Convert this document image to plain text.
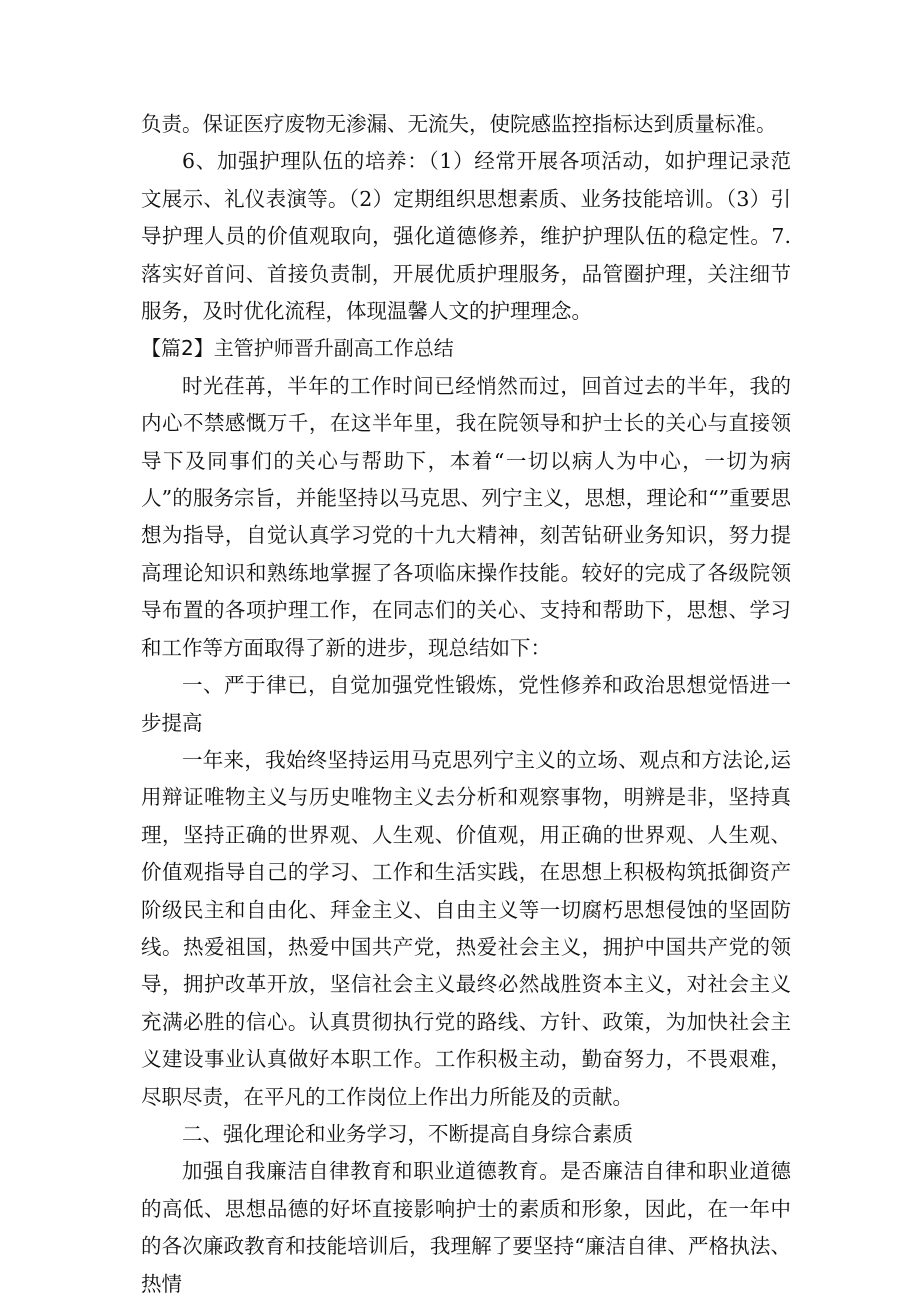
负责。保证医疗废物无渗漏、无流失，使院感监控指标达到质量标准。

6、加强护理队伍的培养：（1）经常开展各项活动，如护理记录范文展示、礼仪表演等。（2）定期组织思想素质、业务技能培训。（3）引导护理人员的价值观取向，强化道德修养，维护护理队伍的稳定性。7.落实好首问、首接负责制，开展优质护理服务，品管圈护理，关注细节服务，及时优化流程，体现温馨人文的护理理念。

【篇2】主管护师晋升副高工作总结

时光荏苒，半年的工作时间已经悄然而过，回首过去的半年，我的内心不禁感慨万千，在这半年里，我在院领导和护士长的关心与直接领导下及同事们的关心与帮助下，本着“一切以病人为中心，一切为病人”的服务宗旨，并能坚持以马克思、列宁主义，思想，理论和“”重要思想为指导，自觉认真学习党的十九大精神，刻苦钻研业务知识，努力提高理论知识和熟练地掌握了各项临床操作技能。较好的完成了各级院领导布置的各项护理工作，在同志们的关心、支持和帮助下，思想、学习和工作等方面取得了新的进步，现总结如下：

一、严于律已，自觉加强党性锻炼，党性修养和政治思想觉悟进一步提高

一年来，我始终坚持运用马克思列宁主义的立场、观点和方法论,运用辩证唯物主义与历史唯物主义去分析和观察事物，明辨是非，坚持真理，坚持正确的世界观、人生观、价值观，用正确的世界观、人生观、价值观指导自己的学习、工作和生活实践，在思想上积极构筑抵御资产阶级民主和自由化、拜金主义、自由主义等一切腐朽思想侵蚀的坚固防线。热爱祖国，热爱中国共产党，热爱社会主义，拥护中国共产党的领导，拥护改革开放，坚信社会主义最终必然战胜资本主义，对社会主义充满必胜的信心。认真贯彻执行党的路线、方针、政策，为加快社会主义建设事业认真做好本职工作。工作积极主动，勤奋努力，不畏艰难，尽职尽责，在平凡的工作岗位上作出力所能及的贡献。

二、强化理论和业务学习，不断提高自身综合素质

加强自我廉洁自律教育和职业道德教育。是否廉洁自律和职业道德的高低、思想品德的好坏直接影响护士的素质和形象，因此，在一年中的各次廉政教育和技能培训后，我理解了要坚持“廉洁自律、严格执法、热情
